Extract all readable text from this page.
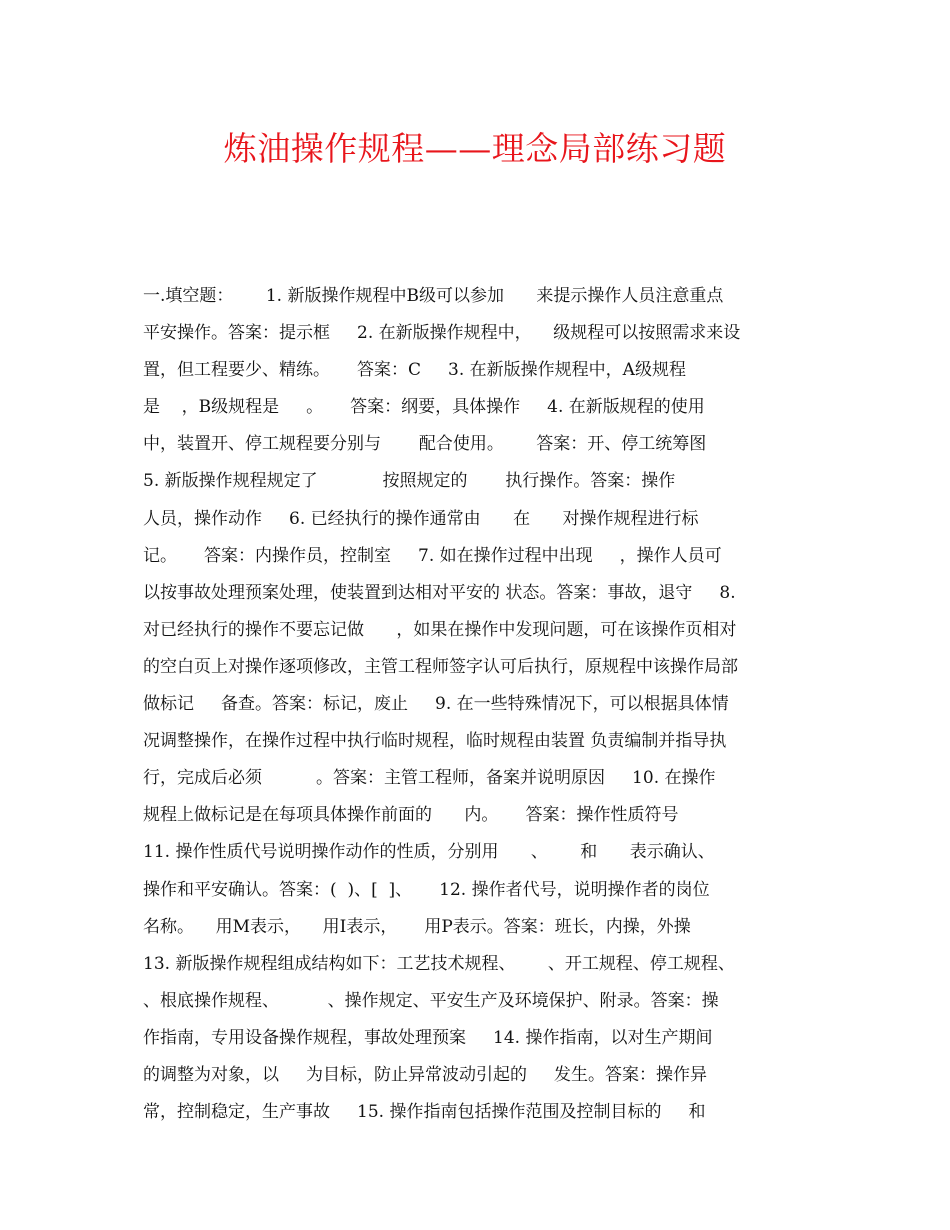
炼油操作规程——理念局部练习题
一.填空题：      1. 新版操作规程中B级可以参加      来提示操作人员注意重点
平安操作。答案：提示框     2. 在新版操作规程中，    级规程可以按照需求来设
置，但工程要少、精练。     答案：C     3. 在新版操作规程中，A级规程
是    ，B级规程是     。     答案：纲要，具体操作     4. 在新版规程的使用
中，装置开、停工规程要分别与       配合使用。      答案：开、停工统筹图
5. 新版操作规程规定了            按照规定的       执行操作。答案：操作
人员，操作动作     6. 已经执行的操作通常由      在      对操作规程进行标
记。     答案：内操作员，控制室     7. 如在操作过程中出现     ，操作人员可
以按事故处理预案处理，使装置到达相对平安的 状态。答案：事故，退守     8.
对已经执行的操作不要忘记做      ，如果在操作中发现问题，可在该操作页相对
的空白页上对操作逐项修改，主管工程师签字认可后执行，原规程中该操作局部
做标记     备查。答案：标记，废止     9. 在一些特殊情况下，可以根据具体情
况调整操作，在操作过程中执行临时规程，临时规程由装置 负责编制并指导执
行，完成后必须          。答案：主管工程师，备案并说明原因     10. 在操作
规程上做标记是在每项具体操作前面的      内。     答案：操作性质符号
11. 操作性质代号说明操作动作的性质，分别用      、      和      表示确认、
操作和平安确认。答案：(  )、[  ]、     12. 操作者代号，说明操作者的岗位
名称。    用M表示，    用I表示，     用P表示。答案：班长，内操，外操
13. 新版操作规程组成结构如下：工艺技术规程、      、开工规程、停工规程、
、根底操作规程、         、操作规定、平安生产及环境保护、附录。答案：操
作指南，专用设备操作规程，事故处理预案     14. 操作指南，以对生产期间
的调整为对象，以     为目标，防止异常波动引起的     发生。答案：操作异
常，控制稳定，生产事故     15. 操作指南包括操作范围及控制目标的     和
